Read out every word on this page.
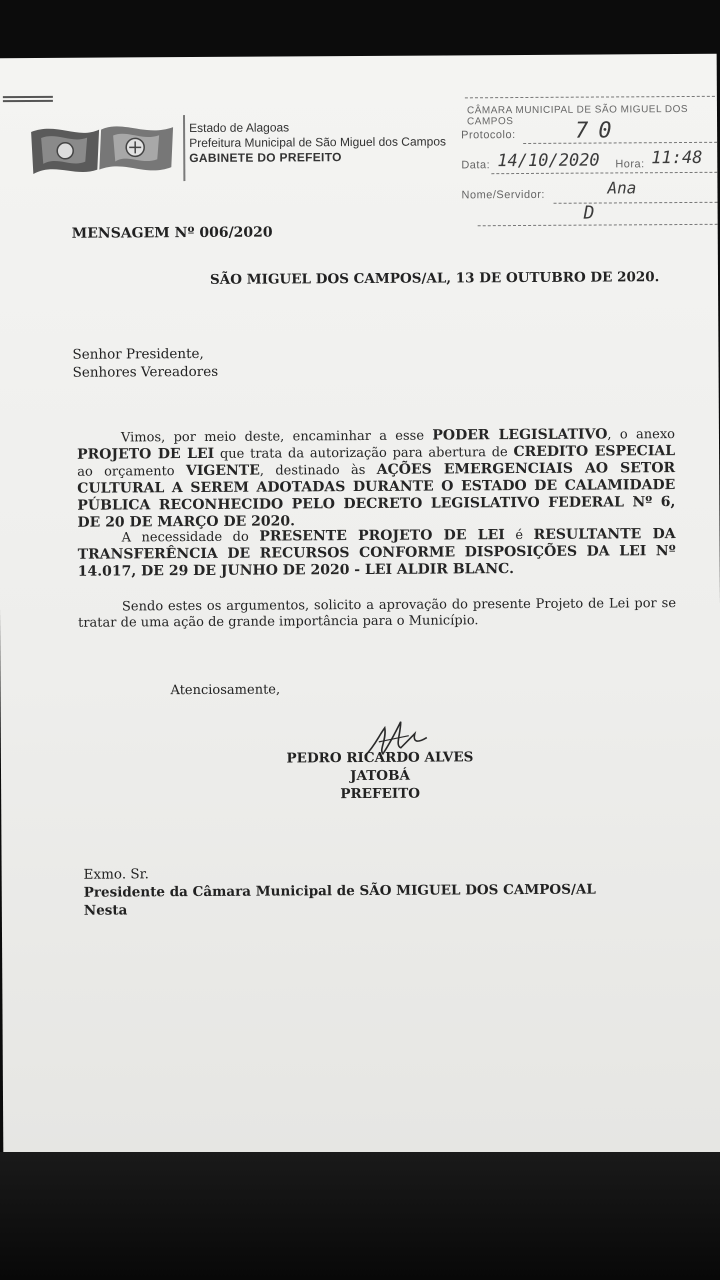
Estado de Alagoas
Prefeitura Municipal de São Miguel dos Campos
GABINETE DO PREFEITO
CÂMARA MUNICIPAL DE SÃO MIGUEL DOS CAMPOS
Protocolo:	70
Data: 14/10/2020 Hora: 11:48
Nome/Servidor:	Ana
D
MENSAGEM Nº 006/2020
SÃO MIGUEL DOS CAMPOS/AL, 13 DE OUTUBRO DE 2020.
Senhor Presidente,
Senhores Vereadores
Vimos, por meio deste, encaminhar a esse PODER LEGISLATIVO, o anexo PROJETO DE LEI que trata da autorização para abertura de CREDITO ESPECIAL ao orçamento VIGENTE, destinado às AÇÕES EMERGENCIAIS AO SETOR CULTURAL A SEREM ADOTADAS DURANTE O ESTADO DE CALAMIDADE PÚBLICA RECONHECIDO PELO DECRETO LEGISLATIVO FEDERAL Nº 6, DE 20 DE MARÇO DE 2020.
A necessidade do PRESENTE PROJETO DE LEI é RESULTANTE DA TRANSFERÊNCIA DE RECURSOS CONFORME DISPOSIÇÕES DA LEI Nº 14.017, DE 29 DE JUNHO DE 2020 - LEI ALDIR BLANC.
Sendo estes os argumentos, solicito a aprovação do presente Projeto de Lei por se tratar de uma ação de grande importância para o Município.
Atenciosamente,
PEDRO RICARDO ALVES JATOBÁ
PREFEITO
Exmo. Sr.
Presidente da Câmara Municipal de SÃO MIGUEL DOS CAMPOS/AL
Nesta
